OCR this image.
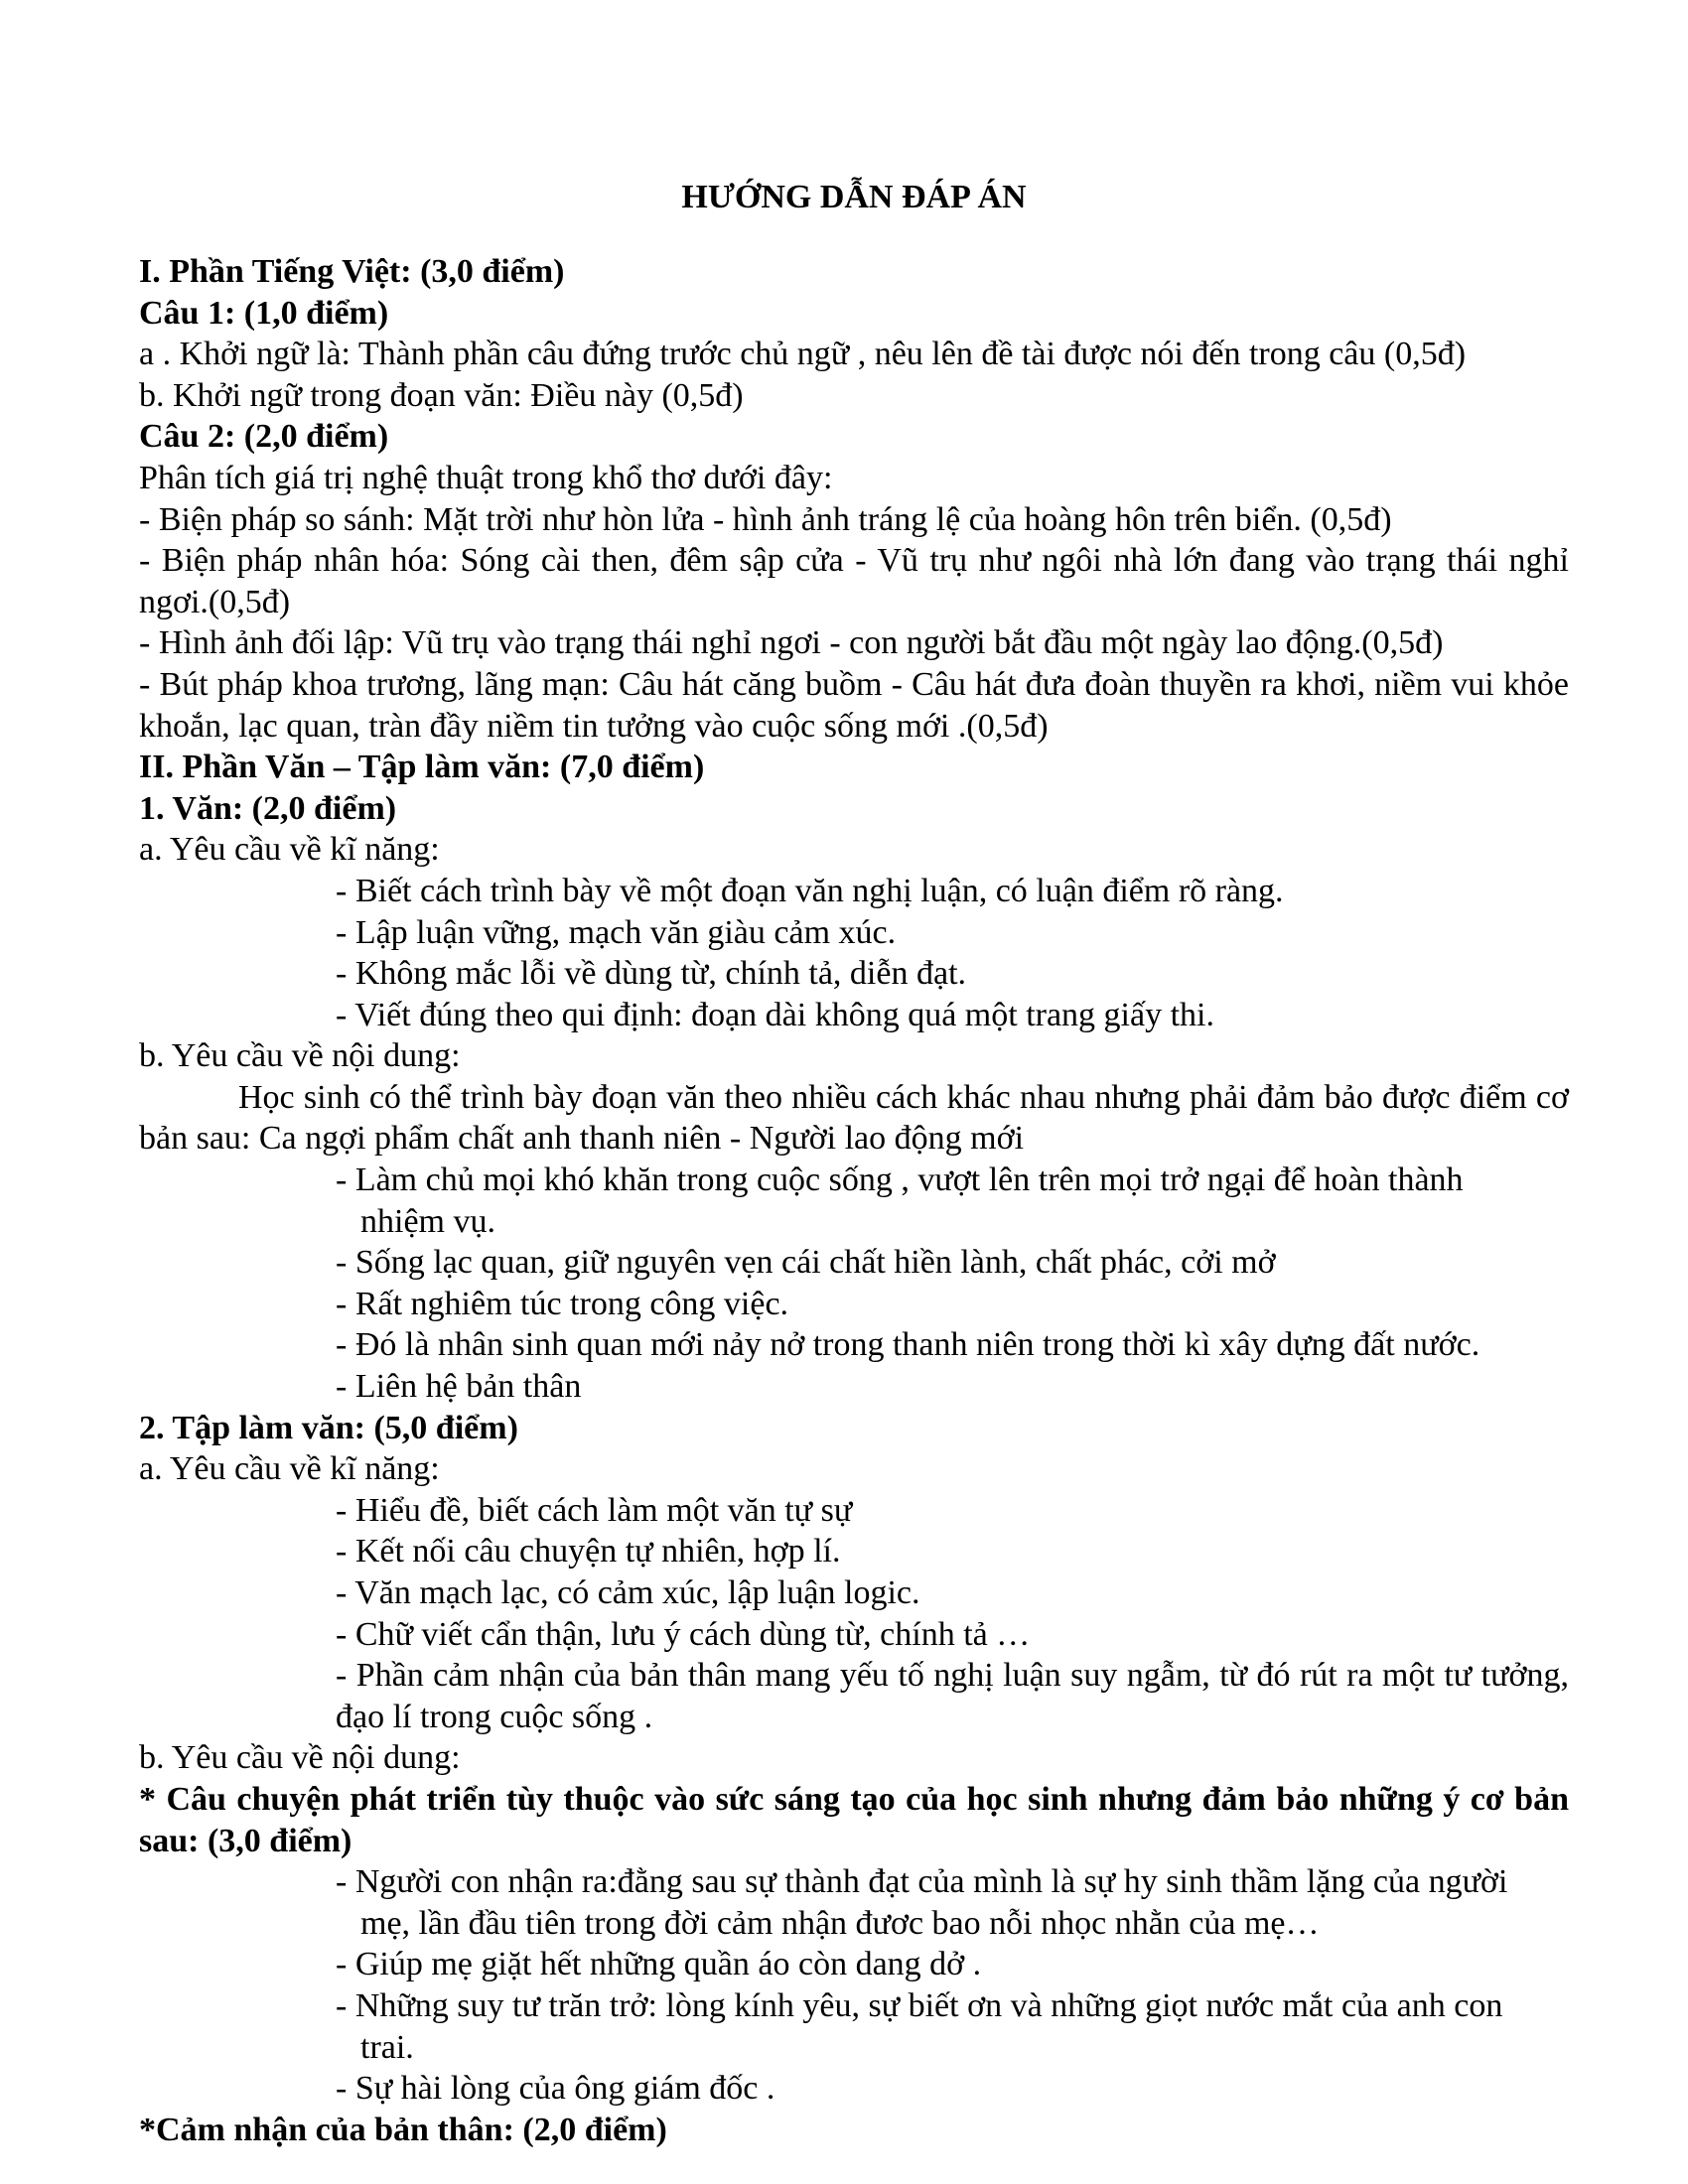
HƯỚNG DẪN ĐÁP ÁN
I. Phần Tiếng Việt: (3,0 điểm)
Câu 1: (1,0 điểm)
a . Khởi ngữ là: Thành phần câu đứng trước chủ ngữ , nêu lên đề tài được nói đến trong câu (0,5đ)
b. Khởi ngữ trong đoạn văn: Điều này (0,5đ)
Câu 2: (2,0 điểm)
Phân tích giá trị nghệ thuật trong khổ thơ dưới đây:
- Biện pháp so sánh: Mặt trời như hòn lửa - hình ảnh tráng lệ của hoàng hôn trên biển. (0,5đ)
- Biện pháp nhân hóa: Sóng cài then, đêm sập cửa - Vũ trụ như ngôi nhà lớn đang vào trạng thái nghỉ ngơi.(0,5đ)
- Hình ảnh đối lập: Vũ trụ vào trạng thái nghỉ ngơi - con người bắt đầu một ngày lao động.(0,5đ)
- Bút pháp khoa trương, lãng mạn: Câu hát căng buồm - Câu hát đưa đoàn thuyền ra khơi, niềm vui khỏe khoắn, lạc quan, tràn đầy niềm tin tưởng vào cuộc sống mới .(0,5đ)
II. Phần Văn – Tập làm văn: (7,0 điểm)
1. Văn: (2,0 điểm)
a. Yêu cầu về kĩ năng:
- Biết cách trình bày về một đoạn văn nghị luận, có luận điểm rõ ràng.
- Lập luận vững, mạch văn giàu cảm xúc.
- Không mắc lỗi về dùng từ, chính tả, diễn đạt.
- Viết đúng theo qui định: đoạn dài không quá một trang giấy thi.
b. Yêu cầu về nội dung:
Học sinh có thể trình bày đoạn văn theo nhiều cách khác nhau nhưng phải đảm bảo được điểm cơ bản sau: Ca ngợi phẩm chất anh thanh niên - Người lao động mới
- Làm chủ mọi khó khăn trong cuộc sống , vượt lên trên mọi trở ngại để hoàn thành
nhiệm vụ.
- Sống lạc quan, giữ nguyên vẹn cái chất hiền lành, chất phác, cởi mở
- Rất nghiêm túc trong công việc.
- Đó là nhân sinh quan mới nảy nở trong thanh niên trong thời kì xây dựng đất nước.
- Liên hệ bản thân
2. Tập làm văn: (5,0 điểm)
a. Yêu cầu về kĩ năng:
- Hiểu đề, biết cách làm một văn tự sự
- Kết nối câu chuyện tự nhiên, hợp lí.
- Văn mạch lạc, có cảm xúc, lập luận logic.
- Chữ viết cẩn thận, lưu ý cách dùng từ, chính tả …
- Phần cảm nhận của bản thân mang yếu tố nghị luận suy ngẫm, từ đó rút ra một tư tưởng, đạo lí trong cuộc sống .
b. Yêu cầu về nội dung:
* Câu chuyện phát triển tùy thuộc vào sức sáng tạo của học sinh nhưng đảm bảo những ý cơ bản sau: (3,0 điểm)
- Người con nhận ra:đằng sau sự thành đạt của mình là sự hy sinh thầm lặng của người
mẹ, lần đầu tiên trong đời cảm nhận đươc bao nỗi nhọc nhằn của mẹ…
- Giúp mẹ giặt hết những quần áo còn dang dở .
- Những suy tư trăn trở: lòng kính yêu, sự biết ơn và những giọt nước mắt của anh con
trai.
- Sự hài lòng của ông giám đốc .
*Cảm nhận của bản thân: (2,0 điểm)
